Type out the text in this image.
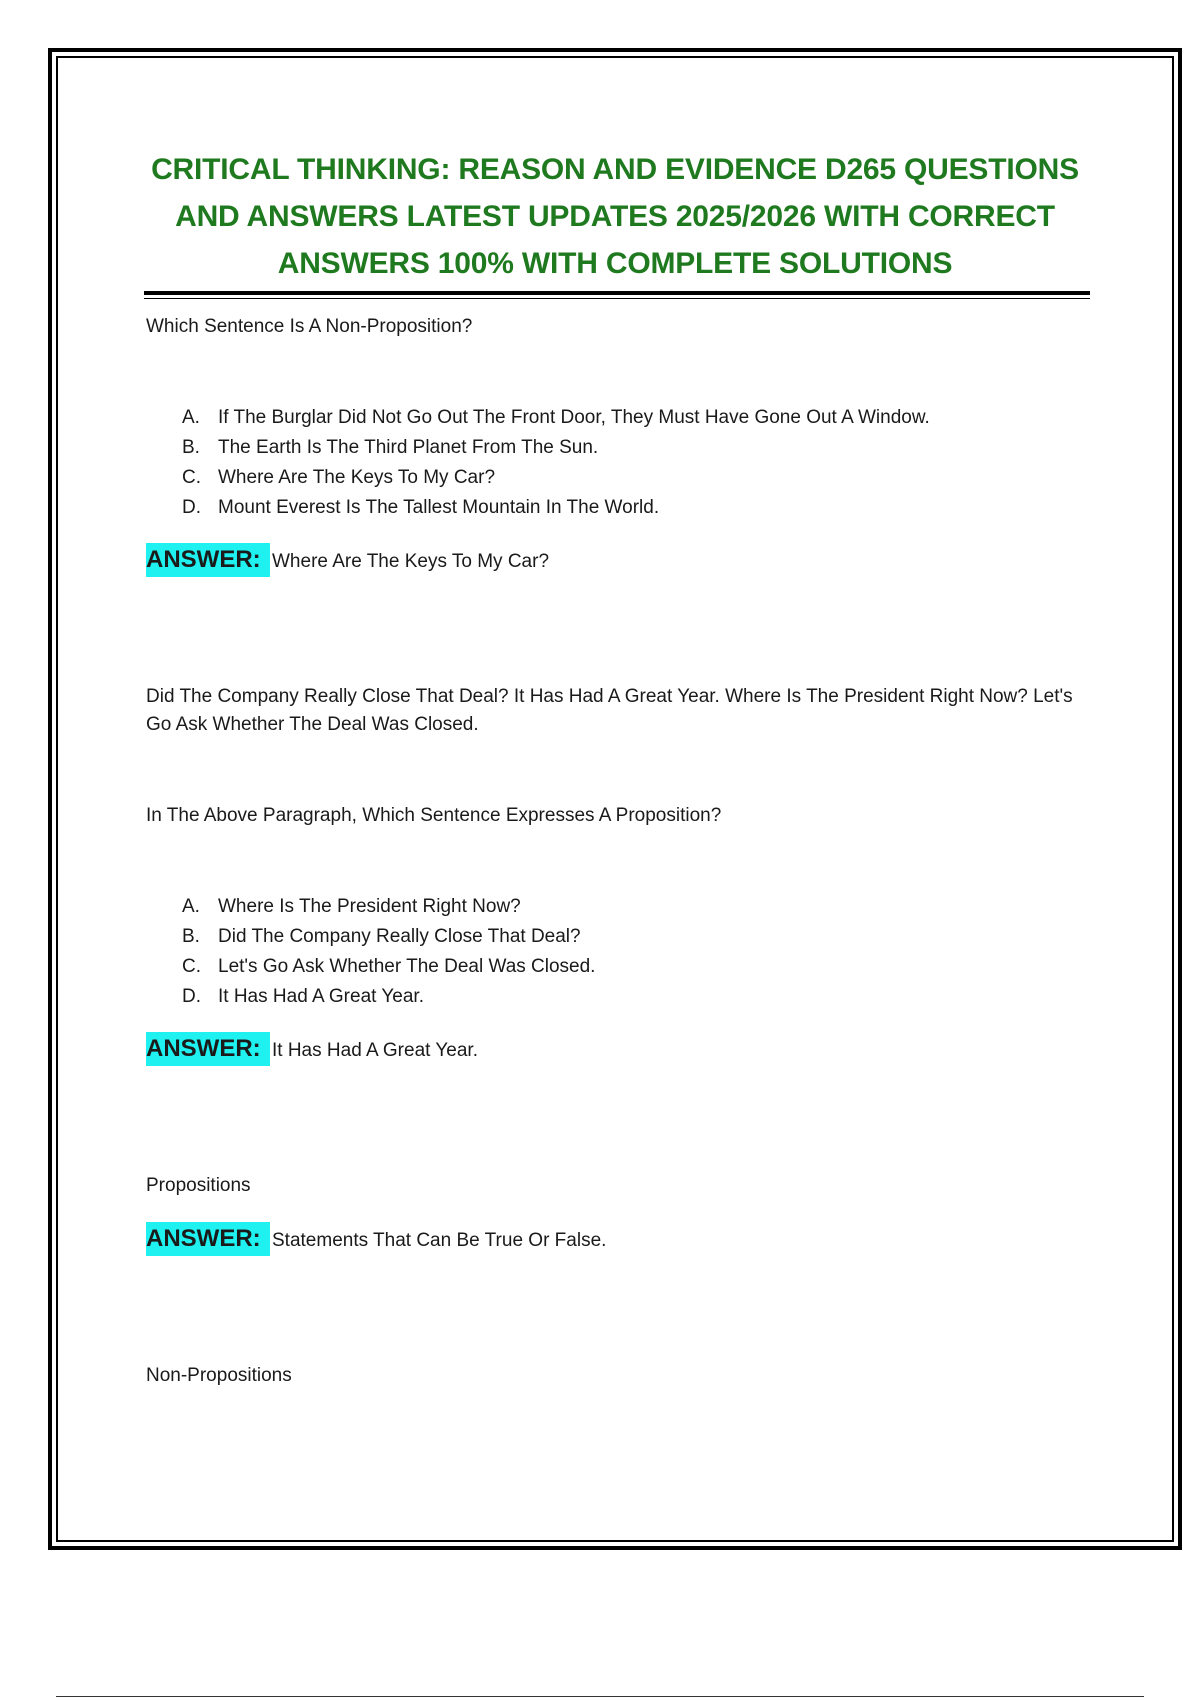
CRITICAL THINKING: REASON AND EVIDENCE D265 QUESTIONS AND ANSWERS LATEST UPDATES 2025/2026 WITH CORRECT ANSWERS 100% WITH COMPLETE SOLUTIONS
Which Sentence Is A Non-Proposition?
A. If The Burglar Did Not Go Out The Front Door, They Must Have Gone Out A Window.
B. The Earth Is The Third Planet From The Sun.
C. Where Are The Keys To My Car?
D. Mount Everest Is The Tallest Mountain In The World.
ANSWER: Where Are The Keys To My Car?
Did The Company Really Close That Deal? It Has Had A Great Year. Where Is The President Right Now? Let's Go Ask Whether The Deal Was Closed.
In The Above Paragraph, Which Sentence Expresses A Proposition?
A. Where Is The President Right Now?
B. Did The Company Really Close That Deal?
C. Let's Go Ask Whether The Deal Was Closed.
D. It Has Had A Great Year.
ANSWER: It Has Had A Great Year.
Propositions
ANSWER: Statements That Can Be True Or False.
Non-Propositions
